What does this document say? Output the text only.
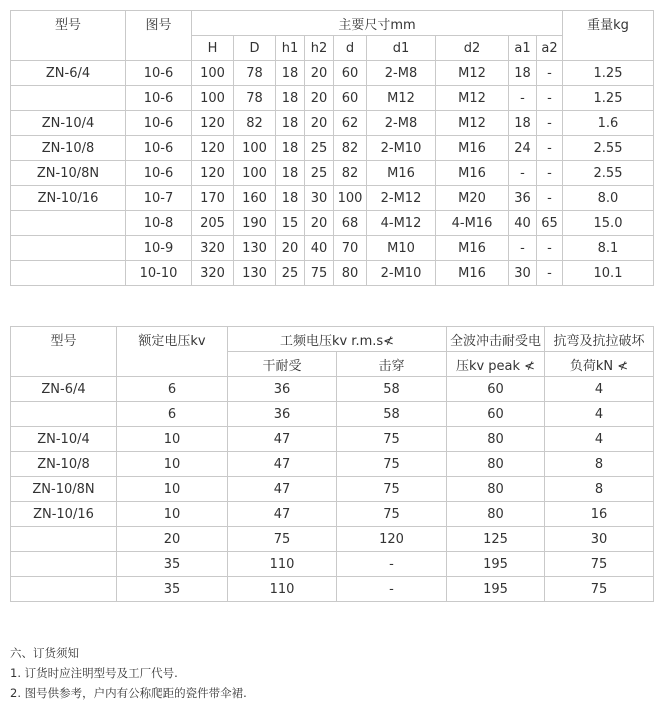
型号	图号	主要尺寸mm									重量kg
		H	D	h1	h2	d	d1	d2	a1	a2	
ZN-6/4	10-6	100	78	18	20	60	2-M8	M12	18	-	1.25
	10-6	100	78	18	20	60	M12	M12	-	-	1.25
ZN-10/4	10-6	120	82	18	20	62	2-M8	M12	18	-	1.6
ZN-10/8	10-6	120	100	18	25	82	2-M10	M16	24	-	2.55
ZN-10/8N	10-6	120	100	18	25	82	M16	M16	-	-	2.55
ZN-10/16	10-7	170	160	18	30	100	2-M12	M20	36	-	8.0
	10-8	205	190	15	20	68	4-M12	4-M16	40	65	15.0
	10-9	320	130	20	40	70	M10	M16	-	-	8.1
	10-10	320	130	25	75	80	2-M10	M16	30	-	10.1
型号	额定电压kv	工频电压kv r.m.s≮		全波冲击耐受电	抗弯及抗拉破坏
		干耐受	击穿	压kv peak ≮	负荷kN ≮
ZN-6/4	6	36	58	60	4
	6	36	58	60	4
ZN-10/4	10	47	75	80	4
ZN-10/8	10	47	75	80	8
ZN-10/8N	10	47	75	80	8
ZN-10/16	10	47	75	80	16
	20	75	120	125	30
	35	110	-	195	75
	35	110	-	195	75
六、订货须知
1. 订货时应注明型号及工厂代号.
2. 图号供参考，户内有公称爬距的瓷件带伞裙.
